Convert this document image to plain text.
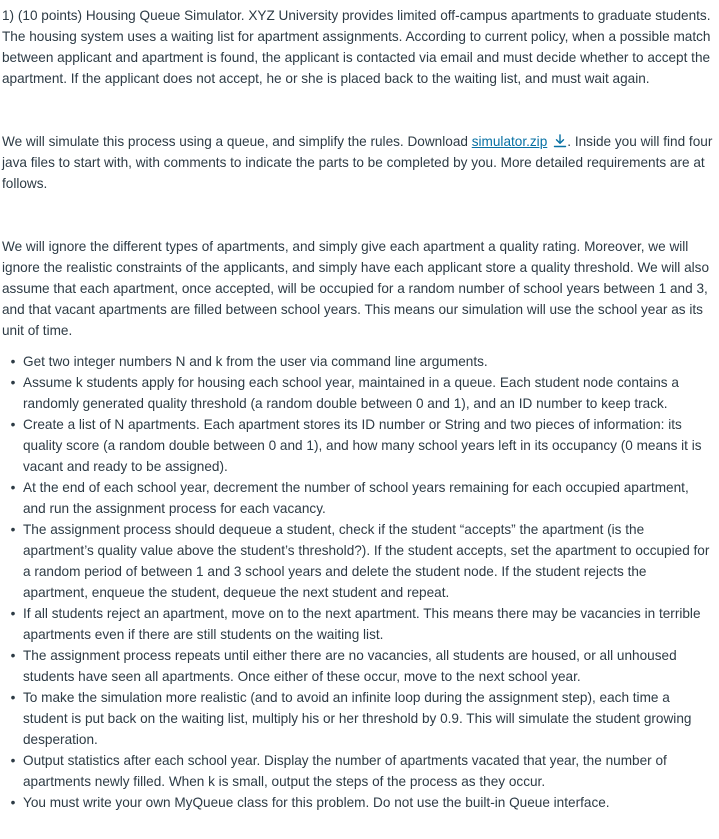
1) (10 points) Housing Queue Simulator. XYZ University provides limited off-campus apartments to graduate students. The housing system uses a waiting list for apartment assignments. According to current policy, when a possible match between applicant and apartment is found, the applicant is contacted via email and must decide whether to accept the apartment. If the applicant does not accept, he or she is placed back to the waiting list, and must wait again.

We will simulate this process using a queue, and simplify the rules. Download simulator.zip . Inside you will find four java files to start with, with comments to indicate the parts to be completed by you. More detailed requirements are at follows.

We will ignore the different types of apartments, and simply give each apartment a quality rating. Moreover, we will ignore the realistic constraints of the applicants, and simply have each applicant store a quality threshold. We will also assume that each apartment, once accepted, will be occupied for a random number of school years between 1 and 3, and that vacant apartments are filled between school years. This means our simulation will use the school year as its unit of time.

• Get two integer numbers N and k from the user via command line arguments.
• Assume k students apply for housing each school year, maintained in a queue. Each student node contains a randomly generated quality threshold (a random double between 0 and 1), and an ID number to keep track.
• Create a list of N apartments. Each apartment stores its ID number or String and two pieces of information: its quality score (a random double between 0 and 1), and how many school years left in its occupancy (0 means it is vacant and ready to be assigned).
• At the end of each school year, decrement the number of school years remaining for each occupied apartment, and run the assignment process for each vacancy.
• The assignment process should dequeue a student, check if the student “accepts” the apartment (is the apartment’s quality value above the student’s threshold?). If the student accepts, set the apartment to occupied for a random period of between 1 and 3 school years and delete the student node. If the student rejects the apartment, enqueue the student, dequeue the next student and repeat.
• If all students reject an apartment, move on to the next apartment. This means there may be vacancies in terrible apartments even if there are still students on the waiting list.
• The assignment process repeats until either there are no vacancies, all students are housed, or all unhoused students have seen all apartments. Once either of these occur, move to the next school year.
• To make the simulation more realistic (and to avoid an infinite loop during the assignment step), each time a student is put back on the waiting list, multiply his or her threshold by 0.9. This will simulate the student growing desperation.
• Output statistics after each school year. Display the number of apartments vacated that year, the number of apartments newly filled. When k is small, output the steps of the process as they occur.
• You must write your own MyQueue class for this problem. Do not use the built-in Queue interface.
